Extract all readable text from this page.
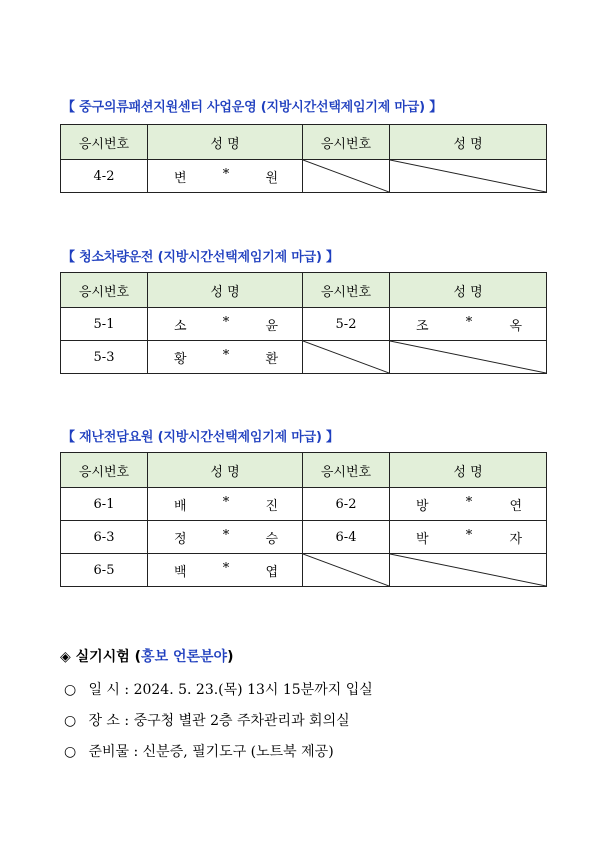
【 중구의류패션지원센터 사업운영 (지방시간선택제임기제 마급) 】
응시번호	성 명	응시번호	성 명
4-2	변 * 원

【 청소차량운전 (지방시간선택제임기제 마급) 】
응시번호	성 명	응시번호	성 명
5-1	소 * 윤	5-2	조 * 옥

5-3	황 * 환

【 재난전담요원 (지방시간선택제임기제 마급) 】
응시번호	성 명	응시번호	성 명
6-1	배 * 진	6-2	방 * 연

6-3	정 * 승	6-4	박 * 자

6-5	백 * 엽

◈ 실기시험 (홍보 언론분야)
○ 일 시 : 2024. 5. 23.(목) 13시 15분까지 입실
○ 장 소 : 중구청 별관 2층 주차관리과 회의실
○ 준비물 : 신분증, 필기도구 (노트북 제공)
